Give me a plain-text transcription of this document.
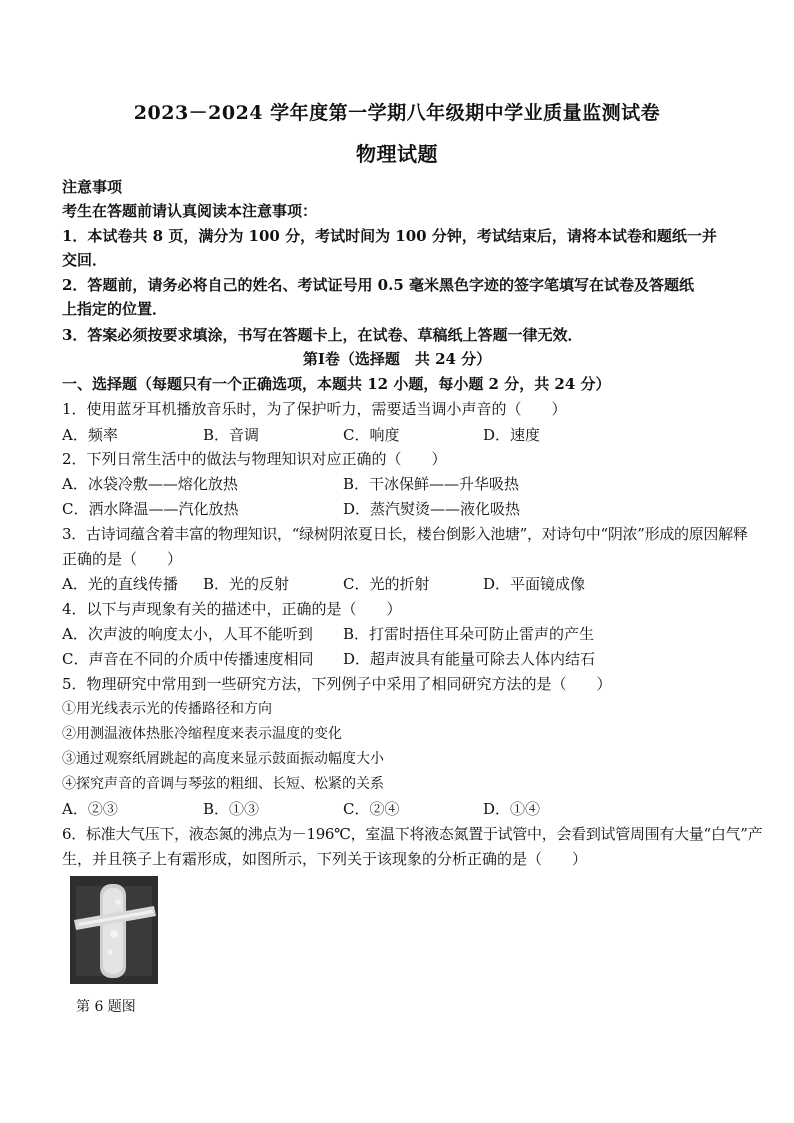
2023－2024 学年度第一学期八年级期中学业质量监测试卷
物理试题
注意事项
考生在答题前请认真阅读本注意事项：
1．本试卷共 8 页，满分为 100 分，考试时间为 100 分钟，考试结束后，请将本试卷和题纸一并
交回．
2．答题前，请务必将自己的姓名、考试证号用 0.5 毫米黑色字迹的签字笔填写在试卷及答题纸
上指定的位置．
3．答案必须按要求填涂，书写在答题卡上，在试卷、草稿纸上答题一律无效．
第Ⅰ卷（选择题　共 24 分）
一、选择题（每题只有一个正确选项，本题共 12 小题，每小题 2 分，共 24 分）
1．使用蓝牙耳机播放音乐时，为了保护听力，需要适当调小声音的（　　）
A．频率	B．音调	C．响度	D．速度
2．下列日常生活中的做法与物理知识对应正确的（　　）
A．冰袋冷敷——熔化放热	B．干冰保鲜——升华吸热
C．洒水降温——汽化放热	D．蒸汽熨烫——液化吸热
3．古诗词蕴含着丰富的物理知识，“绿树阴浓夏日长，楼台倒影入池塘”，对诗句中“阴浓”形成的原因解释
正确的是（　　）
A．光的直线传播 B．光的反射	C．光的折射	D．平面镜成像
4．以下与声现象有关的描述中，正确的是（　　）
A．次声波的响度太小，人耳不能听到 B．打雷时捂住耳朵可防止雷声的产生
C．声音在不同的介质中传播速度相同 D．超声波具有能量可除去人体内结石
5．物理研究中常用到一些研究方法，下列例子中采用了相同研究方法的是（　　）
①用光线表示光的传播路径和方向
②用测温液体热胀冷缩程度来表示温度的变化
③通过观察纸屑跳起的高度来显示鼓面振动幅度大小
④探究声音的音调与琴弦的粗细、长短、松紧的关系
A．②③	B．①③	C．②④	D．①④
6．标准大气压下，液态氮的沸点为－196℃，室温下将液态氮置于试管中，会看到试管周围有大量“白气”产
生，并且筷子上有霜形成，如图所示，下列关于该现象的分析正确的是（　　）
第 6 题图
